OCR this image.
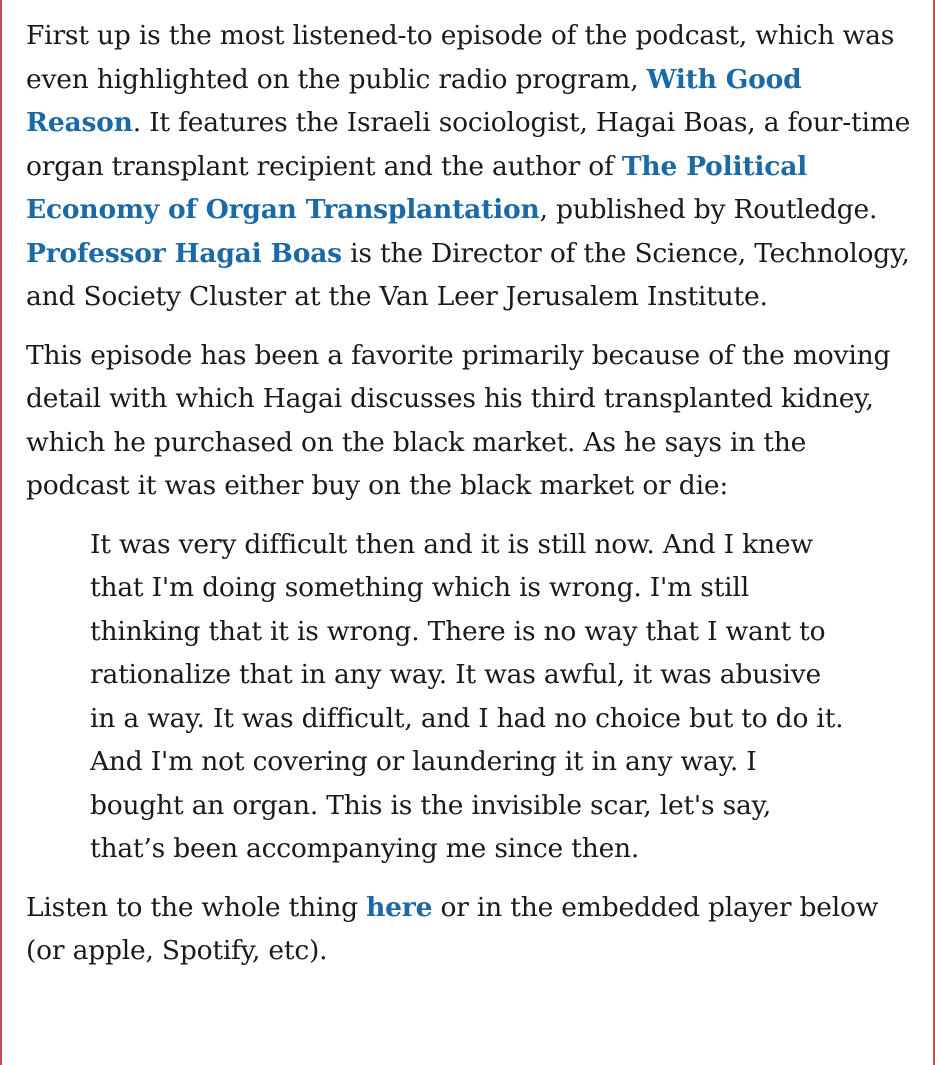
First up is the most listened-to episode of the podcast, which was even highlighted on the public radio program, With Good Reason. It features the Israeli sociologist, Hagai Boas, a four-time organ transplant recipient and the author of The Political Economy of Organ Transplantation, published by Routledge. Professor Hagai Boas is the Director of the Science, Technology, and Society Cluster at the Van Leer Jerusalem Institute.

This episode has been a favorite primarily because of the moving detail with which Hagai discusses his third transplanted kidney, which he purchased on the black market. As he says in the podcast it was either buy on the black market or die:

It was very difficult then and it is still now. And I knew that I'm doing something which is wrong. I'm still thinking that it is wrong. There is no way that I want to rationalize that in any way. It was awful, it was abusive in a way. It was difficult, and I had no choice but to do it. And I'm not covering or laundering it in any way. I bought an organ. This is the invisible scar, let's say, that’s been accompanying me since then.

Listen to the whole thing here or in the embedded player below (or apple, Spotify, etc).
